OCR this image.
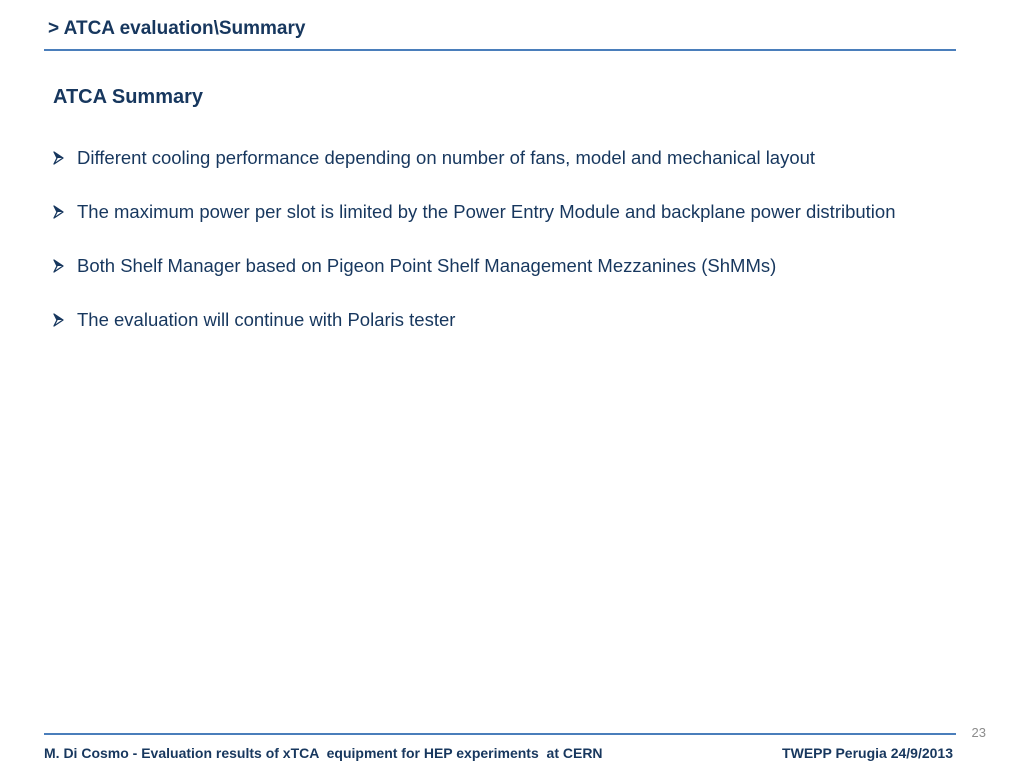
> ATCA evaluation\Summary
ATCA Summary
Different cooling performance depending on number of fans, model and mechanical layout
The maximum power per slot is limited by the Power Entry Module and backplane power distribution
Both Shelf Manager based on Pigeon Point Shelf Management Mezzanines (ShMMs)
The evaluation will continue with Polaris tester
23
M. Di Cosmo - Evaluation results of xTCA  equipment for HEP experiments  at CERN	TWEPP Perugia 24/9/2013
